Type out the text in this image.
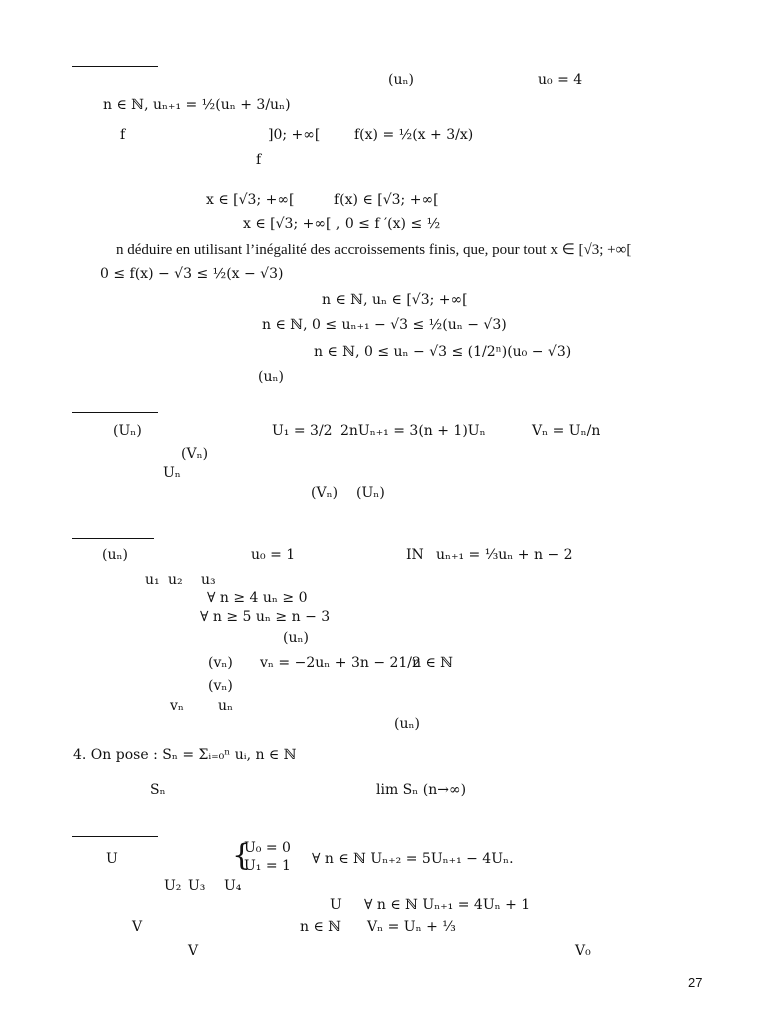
(uₙ)	u₀ = 4
n ∈ ℕ, uₙ₊₁ = ½(uₙ + 3/uₙ)
f	]0; +∞[ f(x) = ½(x + 3/x)
f
x ∈ [√3; +∞[	f(x) ∈ [√3; +∞[
x ∈ [√3; +∞[ , 0 ≤ f ′(x) ≤ ½
n déduire en utilisant l’inégalité des accroissements finis, que, pour tout x ∈ [√3; +∞[
0 ≤ f(x) − √3 ≤ ½(x − √3)
n ∈ ℕ, uₙ ∈ [√3; +∞[
n ∈ ℕ, 0 ≤ uₙ₊₁ − √3 ≤ ½(uₙ − √3)
n ∈ ℕ, 0 ≤ uₙ − √3 ≤ (1/2ⁿ)(u₀ − √3)
(uₙ)
(Uₙ)	U₁ = 3/2 2nUₙ₊₁ = 3(n + 1)Uₙ	Vₙ = Uₙ/n
(Vₙ)
Uₙ
(Vₙ) (Uₙ)
(uₙ)	u₀ = 1	IN uₙ₊₁ = ⅓uₙ + n − 2
u₁ u₂ u₃
∀ n ≥ 4 uₙ ≥ 0
∀ n ≥ 5 uₙ ≥ n − 3
(uₙ)
(vₙ) vₙ = −2uₙ + 3n − 21/2
n ∈ ℕ
(vₙ)
vₙ uₙ
(uₙ)
4. On pose : Sₙ = Σᵢ₌₀ⁿ uᵢ, n ∈ ℕ
Sₙ	lim Sₙ (n→∞)
U	{
U₀ = 0
U₁ = 1 ∀ n ∈ ℕ Uₙ₊₂ = 5Uₙ₊₁ − 4Uₙ.
U₂ U₃ U₄
U ∀ n ∈ ℕ Uₙ₊₁ = 4Uₙ + 1
V	n ∈ ℕ Vₙ = Uₙ + ⅓
V	V₀
27
